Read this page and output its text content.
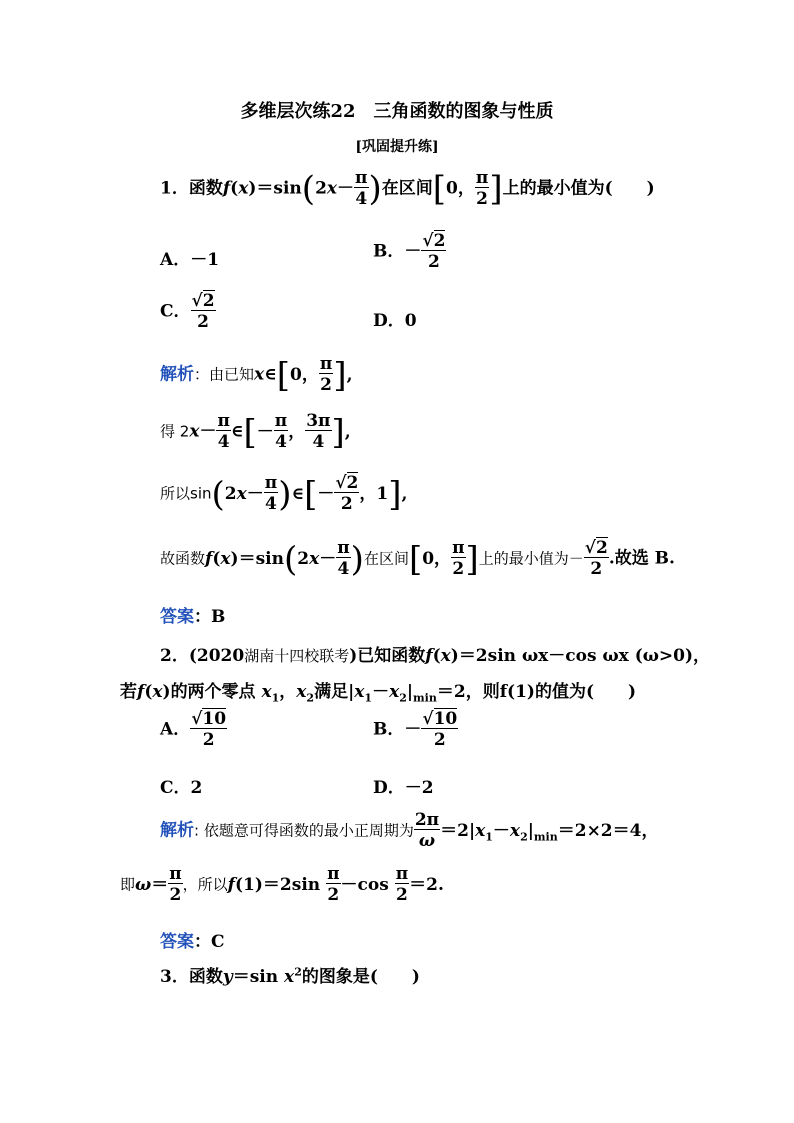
多维层次练22　三角函数的图象与性质
[巩固提升练]
1．函数$f(x)=\sin(2x- \frac{\pi}{4}$ )在区间[0， $\frac{\pi}{2}$ ]上的最小值为(　　)
A．－1	B．－ $\frac{√2}{2}$
C． $\frac{√2}{2}$	D．0
解析：由已知x∈[0， $\frac{\pi}{2}$ ],
得 $2x- \frac{\pi}{4}$ ∈[－ $\frac{\pi}{4}$ ， $\frac{3\pi}{4}$ ],
所以$\sin(2x- \frac{\pi}{4}$ )∈[－ $\frac{√2}{2}$ ，1],
故函数$f(x)=\sin(2x- \frac{\pi}{4}$ )在区间[0， $\frac{\pi}{2}$ ]上的最小值为－ $\frac{√2}{2}$ .故选 B.
答案：B
2．(2020湖南十四校联考)已知函数f(x)＝2sin ωx－cos ωx (ω>0)，
若f(x)的两个零点 $x_1$，$x_2$满足$|x_1-x_2|_{min}=2$，则f(1)的值为(　　)
A． $\frac{√10}{2}$	B．－ $\frac{√10}{2}$
C．2	D．－2
解析: 依题意可得函数的最小正周期为 $\frac{2\pi}{\omega} =2|x_1-x_2|_{min}=2\times 2=4$，
即$\omega= \frac{\pi}{2}$ ，所以$f(1)=2\sin \frac{\pi}{2} -\cos \frac{\pi}{2} =2$.
答案：C
3．函数y＝sin $x^2$的图象是(　　)
